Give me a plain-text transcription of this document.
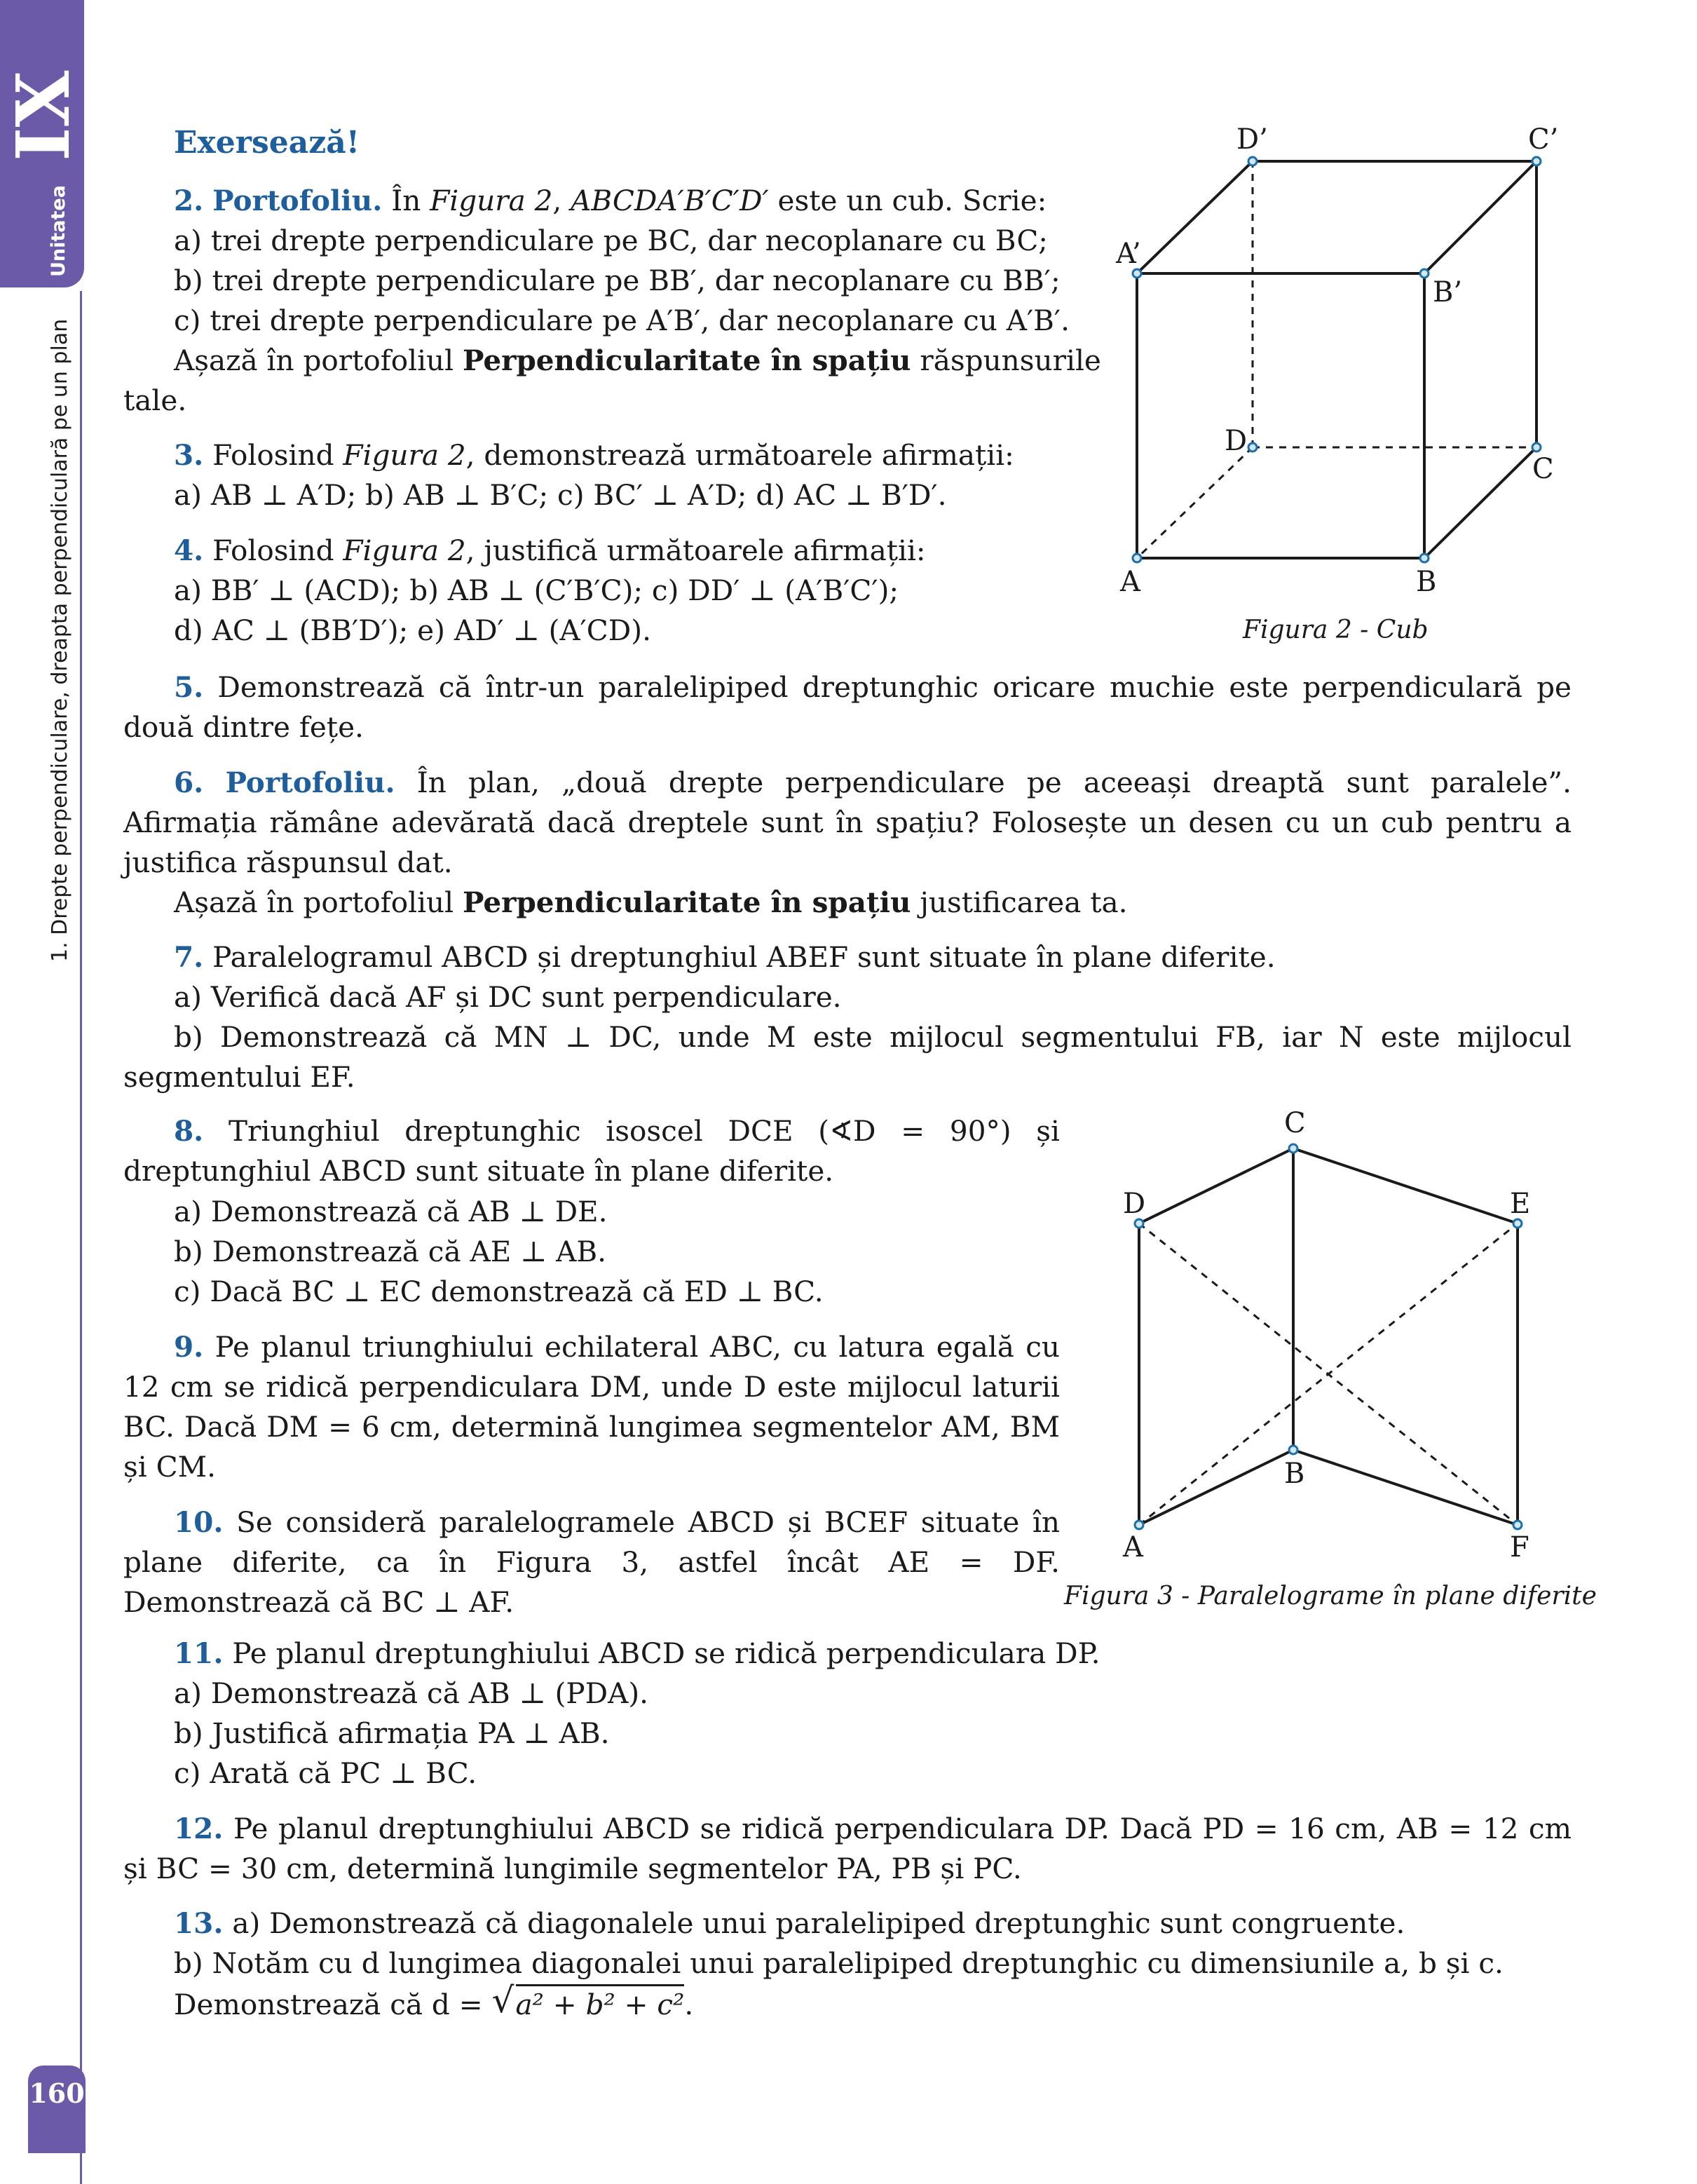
IX
Unitatea
1. Drepte perpendiculare, dreapta perpendiculară pe un plan
160
Exersează!
2. Portofoliu. În Figura 2, ABCDA′B′C′D′ este un cub. Scrie:
a) trei drepte perpendiculare pe BC, dar necoplanare cu BC;
b) trei drepte perpendiculare pe BB′, dar necoplanare cu BB′;
c) trei drepte perpendiculare pe A′B′, dar necoplanare cu A′B′.
Așază în portofoliul Perpendicularitate în spațiu răspunsurile
tale.
3. Folosind Figura 2, demonstrează următoarele afirmații:
a) AB ⊥ A′D; b) AB ⊥ B′C; c) BC′ ⊥ A′D; d) AC ⊥ B′D′.
4. Folosind Figura 2, justifică următoarele afirmații:
a) BB′ ⊥ (ACD); b) AB ⊥ (C′B′C); c) DD′ ⊥ (A′B′C′);
d) AC ⊥ (BB′D′); e) AD′ ⊥ (A′CD).
A	B
C
D
A’
B’
C’
D’
Figura 2 - Cub
5. Demonstrează că într-un paralelipiped dreptunghic oricare muchie este perpendiculară pe două dintre fețe.
6. Portofoliu. În plan, „două drepte perpendiculare pe aceeași dreaptă sunt paralele”. Afirmația rămâne adevărată dacă dreptele sunt în spațiu? Folosește un desen cu un cub pentru a justifica răspunsul dat.
Așază în portofoliul Perpendicularitate în spațiu justificarea ta.
7. Paralelogramul ABCD și dreptunghiul ABEF sunt situate în plane diferite.
a) Verifică dacă AF și DC sunt perpendiculare.
b) Demonstrează că MN ⊥ DC, unde M este mijlocul segmentului FB, iar N este mijlocul segmentului EF.
8. Triunghiul dreptunghic isoscel DCE (∢D = 90°) și dreptunghiul ABCD sunt situate în plane diferite.
a) Demonstrează că AB ⊥ DE.
b) Demonstrează că AE ⊥ AB.
c) Dacă BC ⊥ EC demonstrează că ED ⊥ BC.
9. Pe planul triunghiului echilateral ABC, cu latura egală cu 12 cm se ridică perpendiculara DM, unde D este mijlocul laturii BC. Dacă DM = 6 cm, determină lungimea segmentelor AM, BM și CM.
10. Se consideră paralelogramele ABCD și BCEF situate în plane diferite, ca în Figura 3, astfel încât AE = DF. Demonstrează că BC ⊥ AF.
A
B
C
D	E
F
Figura 3 - Paralelograme în plane diferite
11. Pe planul dreptunghiului ABCD se ridică perpendiculara DP.
a) Demonstrează că AB ⊥ (PDA).
b) Justifică afirmația PA ⊥ AB.
c) Arată că PC ⊥ BC.
12. Pe planul dreptunghiului ABCD se ridică perpendiculara DP. Dacă PD = 16 cm, AB = 12 cm și BC = 30 cm, determină lungimile segmentelor PA, PB și PC.
13. a) Demonstrează că diagonalele unui paralelipiped dreptunghic sunt congruente.
b) Notăm cu d lungimea diagonalei unui paralelipiped dreptunghic cu dimensiunile a, b și c.
Demonstrează că d = √ a² + b² + c².
